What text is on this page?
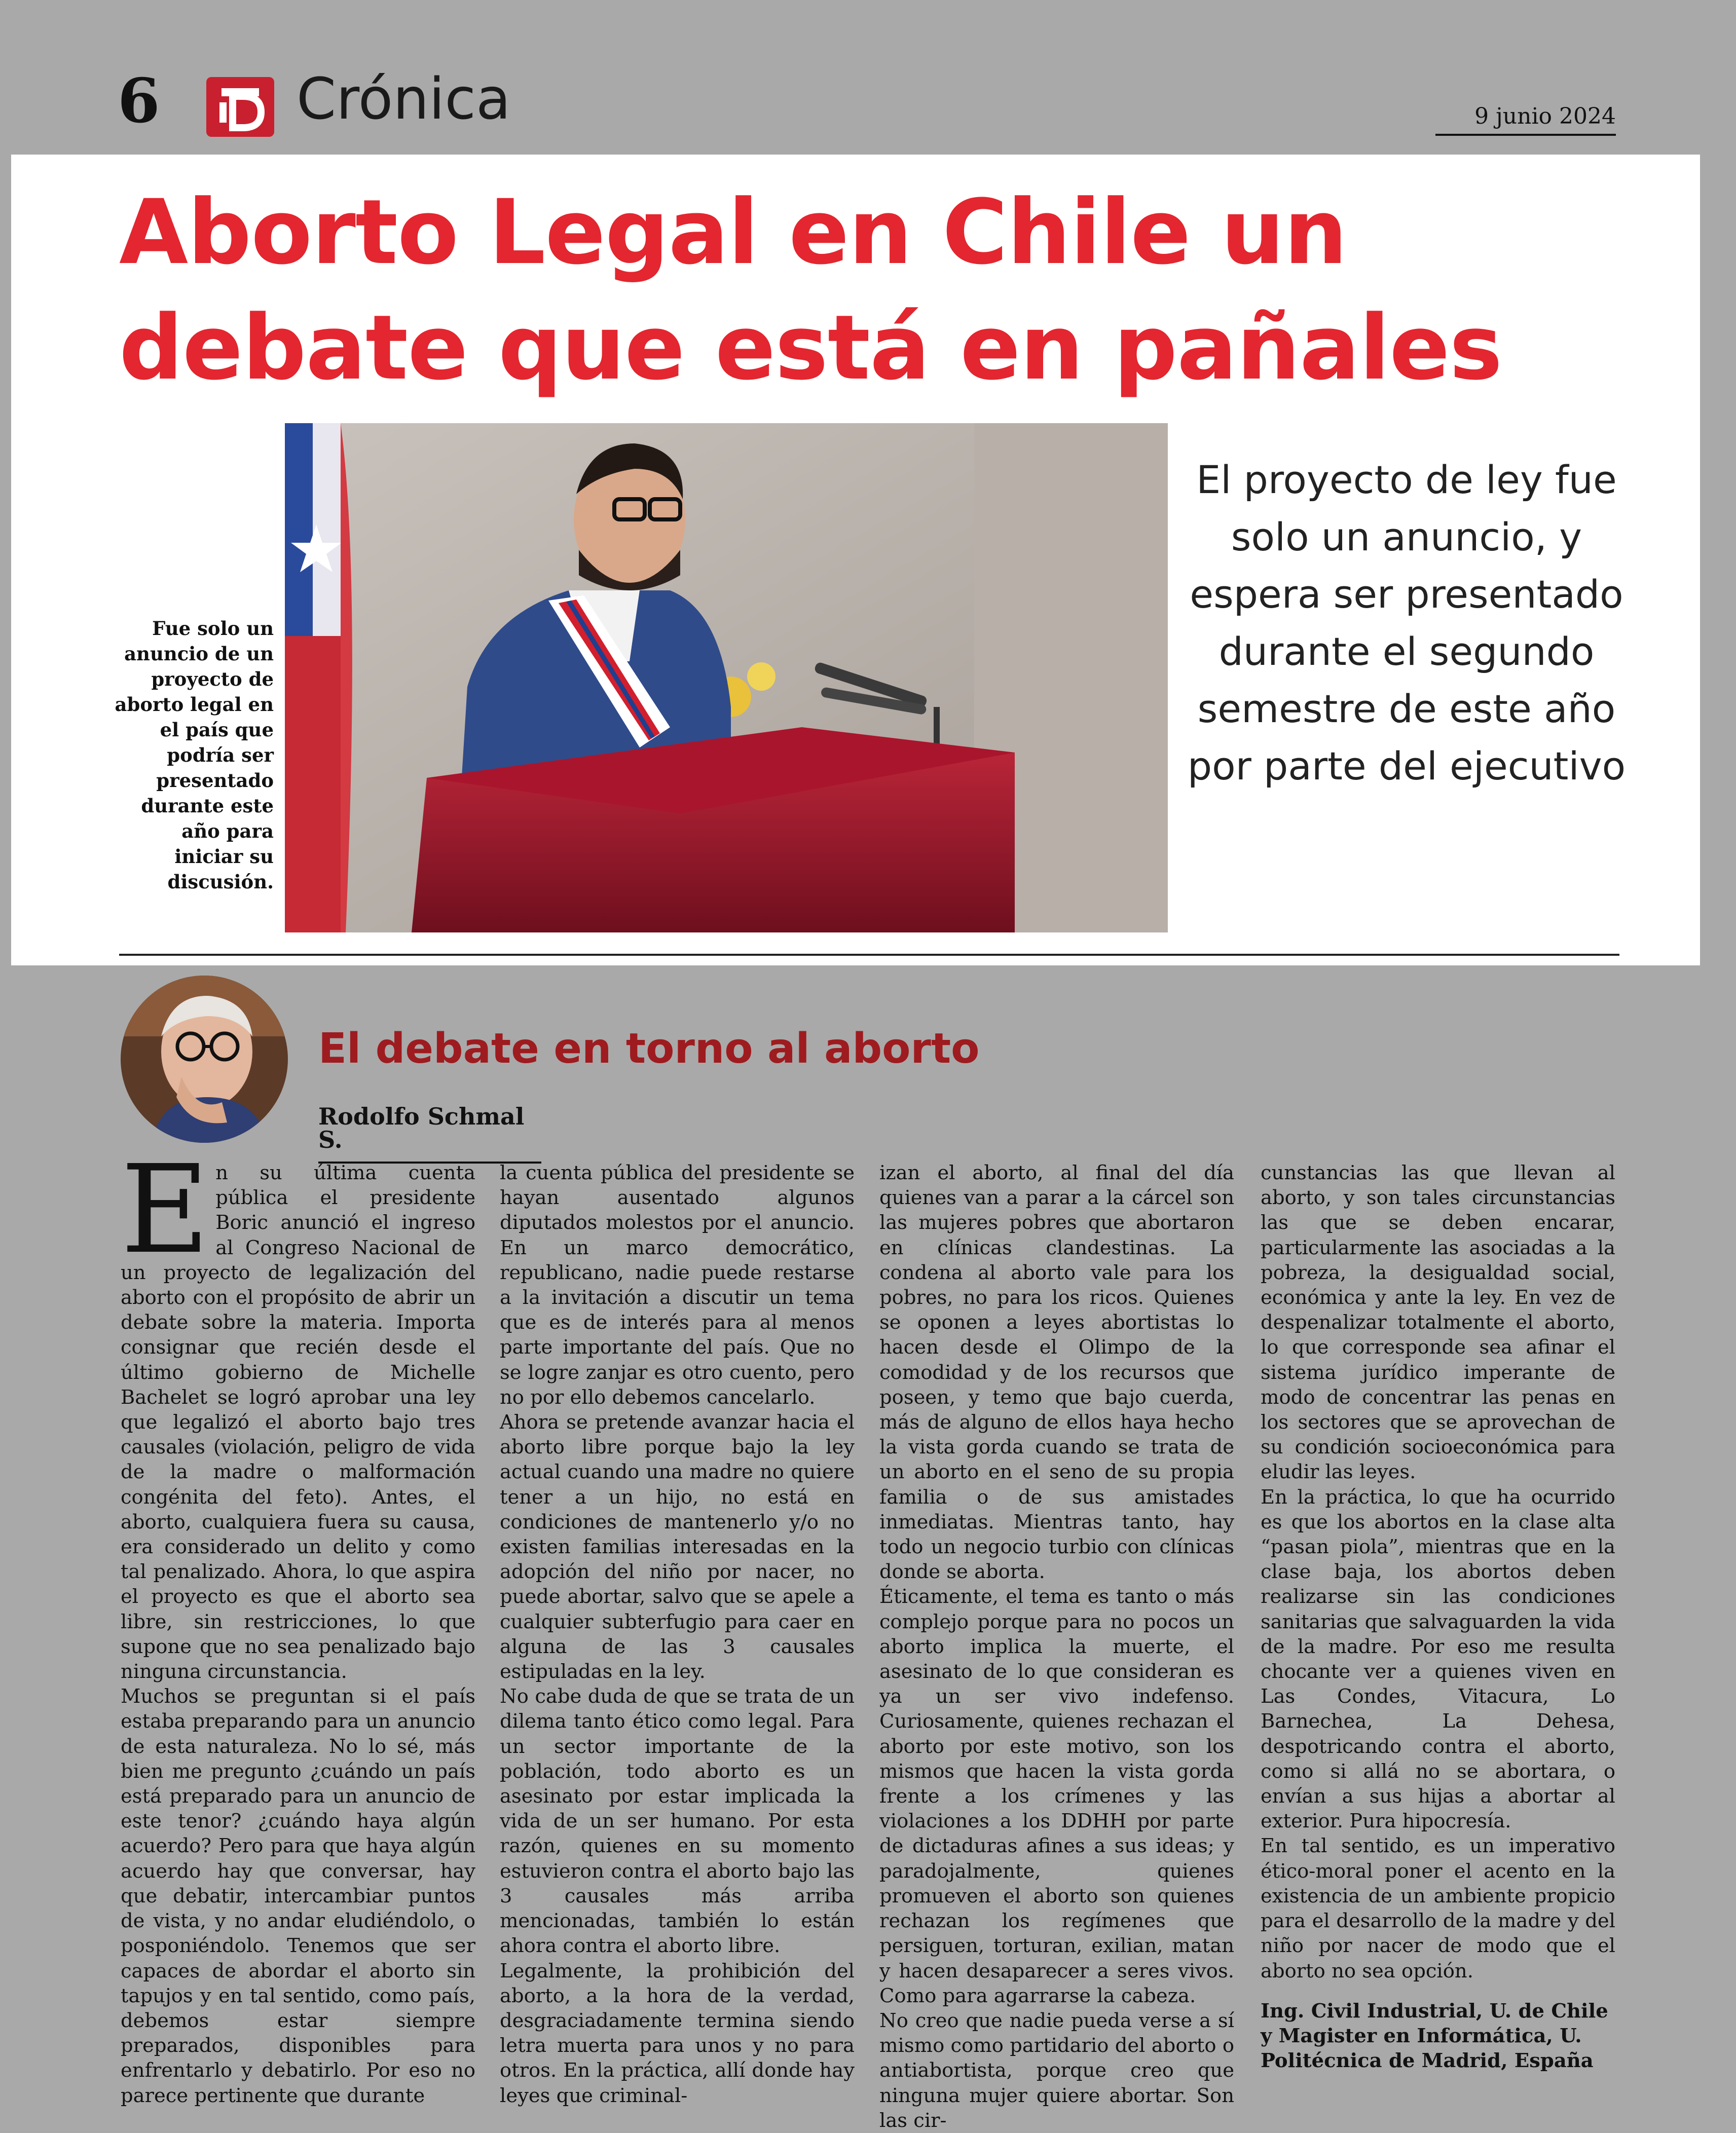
6 Crónica	9 junio 2024
Aborto Legal en Chile un debate que está en pañales
Fue solo un anuncio de un proyecto de aborto legal en el país que podría ser presentado durante este año para iniciar su discusión.
El proyecto de ley fue solo un anuncio, y espera ser presentado durante el segundo semestre de este año por parte del ejecutivo
El debate en torno al aborto
Rodolfo Schmal S.

En su última cuenta pública el presidente Boric anunció el ingreso al Congreso Nacional de un proyecto de legalización del aborto con el propósito de abrir un debate sobre la materia. Importa consignar que recién desde el último gobierno de Michelle Bachelet se logró aprobar una ley que legalizó el aborto bajo tres causales (violación, peligro de vida de la madre o malformación congénita del feto). Antes, el aborto, cualquiera fuera su causa, era considerado un delito y como tal penalizado. Ahora, lo que aspira el proyecto es que el aborto sea libre, sin restricciones, lo que supone que no sea penalizado bajo ninguna circunstancia.

Muchos se preguntan si el país estaba preparando para un anuncio de esta naturaleza. No lo sé, más bien me pregunto ¿cuándo un país está preparado para un anuncio de este tenor? ¿cuándo haya algún acuerdo? Pero para que haya algún acuerdo hay que conversar, hay que debatir, intercambiar puntos de vista, y no andar eludiéndolo, o posponiéndolo. Tenemos que ser capaces de abordar el aborto sin tapujos y en tal sentido, como país, debemos estar siempre preparados, disponibles para enfrentarlo y debatirlo. Por eso no parece pertinente que durante

la cuenta pública del presidente se hayan ausentado algunos diputados molestos por el anuncio. En un marco democrático, republicano, nadie puede restarse a la invitación a discutir un tema que es de interés para al menos parte importante del país. Que no se logre zanjar es otro cuento, pero no por ello debemos cancelarlo.

Ahora se pretende avanzar hacia el aborto libre porque bajo la ley actual cuando una madre no quiere tener a un hijo, no está en condiciones de mantenerlo y/o no existen familias interesadas en la adopción del niño por nacer, no puede abortar, salvo que se apele a cualquier subterfugio para caer en alguna de las 3 causales estipuladas en la ley.

No cabe duda de que se trata de un dilema tanto ético como legal. Para un sector importante de la población, todo aborto es un asesinato por estar implicada la vida de un ser humano. Por esta razón, quienes en su momento estuvieron contra el aborto bajo las 3 causales más arriba mencionadas, también lo están ahora contra el aborto libre.

Legalmente, la prohibición del aborto, a la hora de la verdad, desgraciadamente termina siendo letra muerta para unos y no para otros. En la práctica, allí donde hay leyes que criminal-

izan el aborto, al final del día quienes van a parar a la cárcel son las mujeres pobres que abortaron en clínicas clandestinas. La condena al aborto vale para los pobres, no para los ricos. Quienes se oponen a leyes abortistas lo hacen desde el Olimpo de la comodidad y de los recursos que poseen, y temo que bajo cuerda, más de alguno de ellos haya hecho la vista gorda cuando se trata de un aborto en el seno de su propia familia o de sus amistades inmediatas. Mientras tanto, hay todo un negocio turbio con clínicas donde se aborta.

Éticamente, el tema es tanto o más complejo porque para no pocos un aborto implica la muerte, el asesinato de lo que consideran es ya un ser vivo indefenso. Curiosamente, quienes rechazan el aborto por este motivo, son los mismos que hacen la vista gorda frente a los crímenes y las violaciones a los DDHH por parte de dictaduras afines a sus ideas; y paradojalmente, quienes promueven el aborto son quienes rechazan los regímenes que persiguen, torturan, exilian, matan y hacen desaparecer a seres vivos. Como para agarrarse la cabeza.

No creo que nadie pueda verse a sí mismo como partidario del aborto o antiabortista, porque creo que ninguna mujer quiere abortar. Son las cir-

cunstancias las que llevan al aborto, y son tales circunstancias las que se deben encarar, particularmente las asociadas a la pobreza, la desigualdad social, económica y ante la ley. En vez de despenalizar totalmente el aborto, lo que corresponde sea afinar el sistema jurídico imperante de modo de concentrar las penas en los sectores que se aprovechan de su condición socioeconómica para eludir las leyes.

En la práctica, lo que ha ocurrido es que los abortos en la clase alta “pasan piola”, mientras que en la clase baja, los abortos deben realizarse sin las condiciones sanitarias que salvaguarden la vida de la madre. Por eso me resulta chocante ver a quienes viven en Las Condes, Vitacura, Lo Barnechea, La Dehesa, despotricando contra el aborto, como si allá no se abortara, o envían a sus hijas a abortar al exterior. Pura hipocresía.

En tal sentido, es un imperativo ético-moral poner el acento en la existencia de un ambiente propicio para el desarrollo de la madre y del niño por nacer de modo que el aborto no sea opción.

Ing. Civil Industrial, U. de Chile y Magister en Informática, U. Politécnica de Madrid, España
